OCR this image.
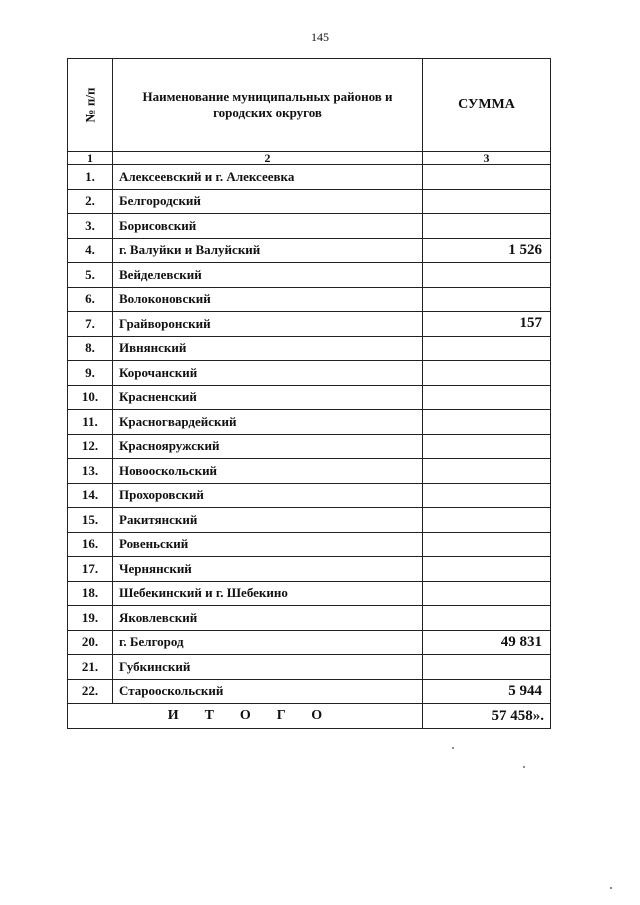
145
№ п/п	Наименование муниципальных районов и городских округов	СУММА
1	2	3
1.	Алексеевский и г. Алексеевка	
2.	Белгородский	
3.	Борисовский	
4.	г. Валуйки и Валуйский	1 526
5.	Вейделевский	
6.	Волоконовский	
7.	Грайворонский	157
8.	Ивнянский	
9.	Корочанский	
10.	Красненский	
11.	Красногвардейский	
12.	Краснояружский	
13.	Новооскольский	
14.	Прохоровский	
15.	Ракитянский	
16.	Ровеньский	
17.	Чернянский	
18.	Шебекинский и г. Шебекино	
19.	Яковлевский	
20.	г. Белгород	49 831
21.	Губкинский	
22.	Старооскольский	5 944
ИТОГО		57 458».
